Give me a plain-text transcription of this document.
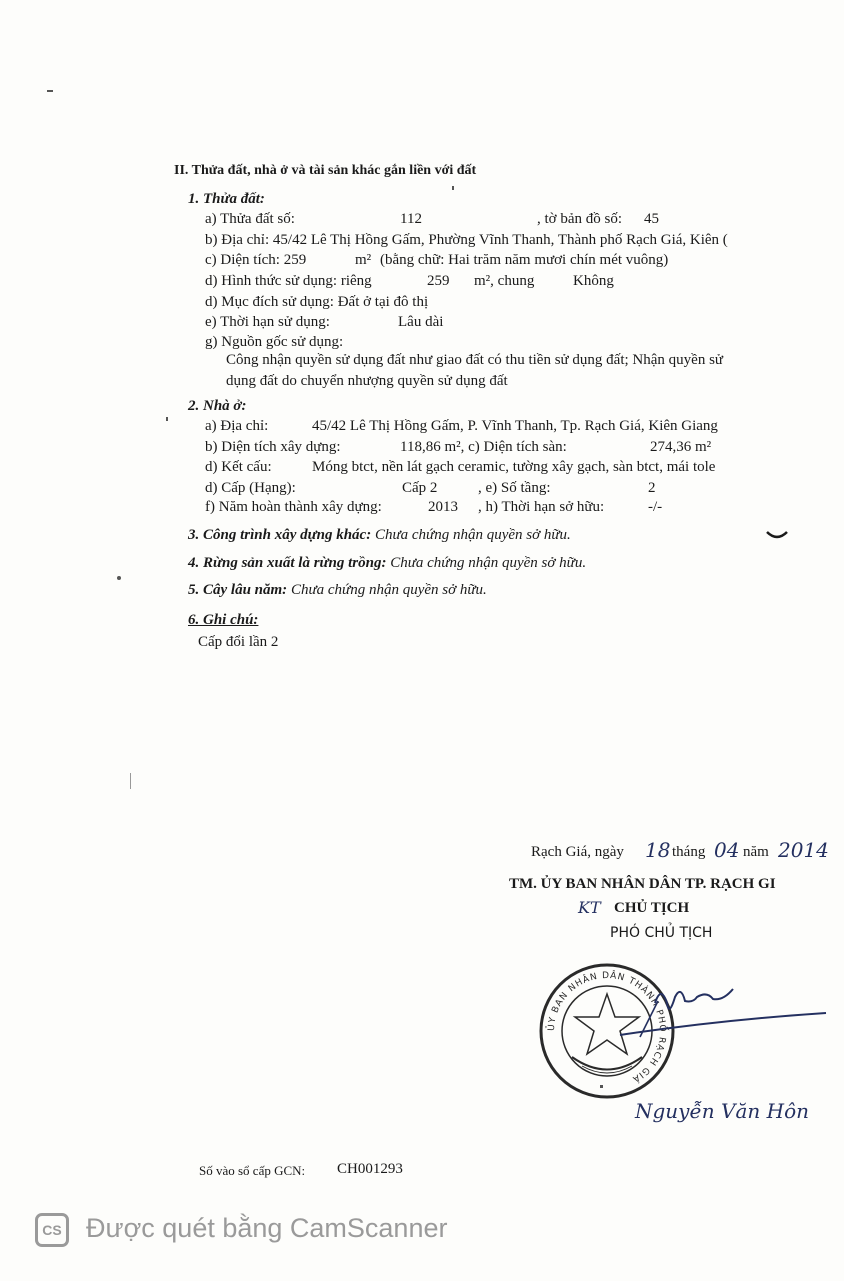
II. Thửa đất, nhà ở và tài sản khác gắn liền với đất
1. Thửa đất:
a) Thửa đất số:	112	, tờ bản đồ số: 45
b) Địa chỉ: 45/42 Lê Thị Hồng Gấm, Phường Vĩnh Thanh, Thành phố Rạch Giá, Kiên (
c) Diện tích: 259	m² (bằng chữ: Hai trăm năm mươi chín mét vuông)
d) Hình thức sử dụng: riêng	259 m², chung	Không
d) Mục đích sử dụng: Đất ở tại đô thị
e) Thời hạn sử dụng:	Lâu dài
g) Nguồn gốc sử dụng:
Công nhận quyền sử dụng đất như giao đất có thu tiền sử dụng đất; Nhận quyền sử
dụng đất do chuyển nhượng quyền sử dụng đất
2. Nhà ở:
a) Địa chỉ:	45/42 Lê Thị Hồng Gấm, P. Vĩnh Thanh, Tp. Rạch Giá, Kiên Giang
b) Diện tích xây dựng:	118,86 m², c) Diện tích sàn:	274,36 m²
d) Kết cấu:	Móng btct, nền lát gạch ceramic, tường xây gạch, sàn btct, mái tole
d) Cấp (Hạng):	Cấp 2	, e) Số tầng:	2
f) Năm hoàn thành xây dựng:	2013 , h) Thời hạn sở hữu:	-/-
3. Công trình xây dựng khác: Chưa chứng nhận quyền sở hữu.
4. Rừng sản xuất là rừng trồng: Chưa chứng nhận quyền sở hữu.
5. Cây lâu năm: Chưa chứng nhận quyền sở hữu.
6. Ghi chú:
Cấp đổi lần 2
Rạch Giá, ngày 18 tháng 04 năm 2014
TM. ỦY BAN NHÂN DÂN TP. RẠCH GI
KT CHỦ TỊCH
PHÓ CHỦ TỊCH
ỦY BAN NHÂN DÂN THÀNH PHỐ RẠCH GIÁ
Nguyễn Văn Hôn
Số vào sổ cấp GCN: CH001293
CS Được quét bằng CamScanner
